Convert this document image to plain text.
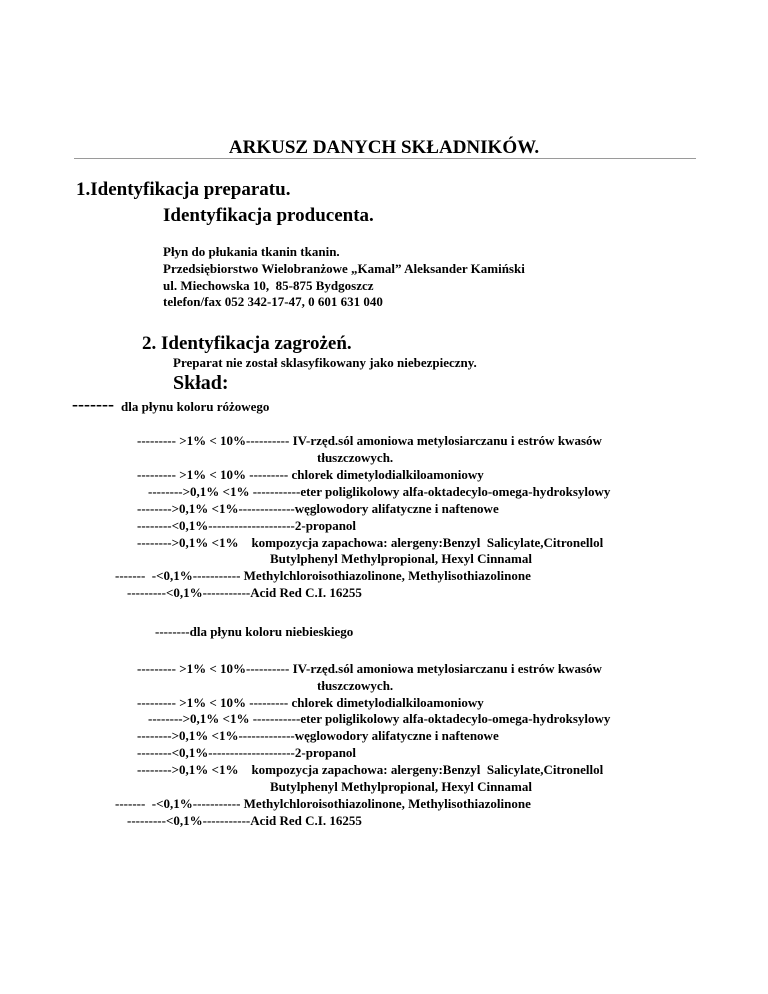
ARKUSZ DANYCH SKŁADNIKÓW.
1.Identyfikacja preparatu.
Identyfikacja producenta.
Płyn do płukania tkanin tkanin.
Przedsiębiorstwo Wielobranżowe „Kamal” Aleksander Kamiński
ul. Miechowska 10,  85-875 Bydgoszcz
telefon/fax 052 342-17-47, 0 601 631 040
2. Identyfikacja zagrożeń.
Preparat nie został sklasyfikowany jako niebezpieczny.
Skład:
------- dla płynu koloru różowego
--------- >1% < 10%---------- IV-rzęd.sól amoniowa metylosiarczanu i estrów kwasów
tłuszczowych.
--------- >1% < 10% --------- chlorek dimetylodialkiloamoniowy
-------->0,1% <1% -----------eter poliglikolowy alfa-oktadecylo-omega-hydroksylowy
-------->0,1% <1%-------------węglowodory alifatyczne i naftenowe
--------<0,1%--------------------2-propanol
-------->0,1% <1%    kompozycja zapachowa: alergeny:Benzyl  Salicylate,Citronellol
Butylphenyl Methylpropional, Hexyl Cinnamal
-------  -<0,1%----------- Methylchloroisothiazolinone, Methylisothiazolinone
---------<0,1%-----------Acid Red C.I. 16255
--------dla płynu koloru niebieskiego
--------- >1% < 10%---------- IV-rzęd.sól amoniowa metylosiarczanu i estrów kwasów
tłuszczowych.
--------- >1% < 10% --------- chlorek dimetylodialkiloamoniowy
-------->0,1% <1% -----------eter poliglikolowy alfa-oktadecylo-omega-hydroksylowy
-------->0,1% <1%-------------węglowodory alifatyczne i naftenowe
--------<0,1%--------------------2-propanol
-------->0,1% <1%    kompozycja zapachowa: alergeny:Benzyl  Salicylate,Citronellol
Butylphenyl Methylpropional, Hexyl Cinnamal
-------  -<0,1%----------- Methylchloroisothiazolinone, Methylisothiazolinone
---------<0,1%-----------Acid Red C.I. 16255
